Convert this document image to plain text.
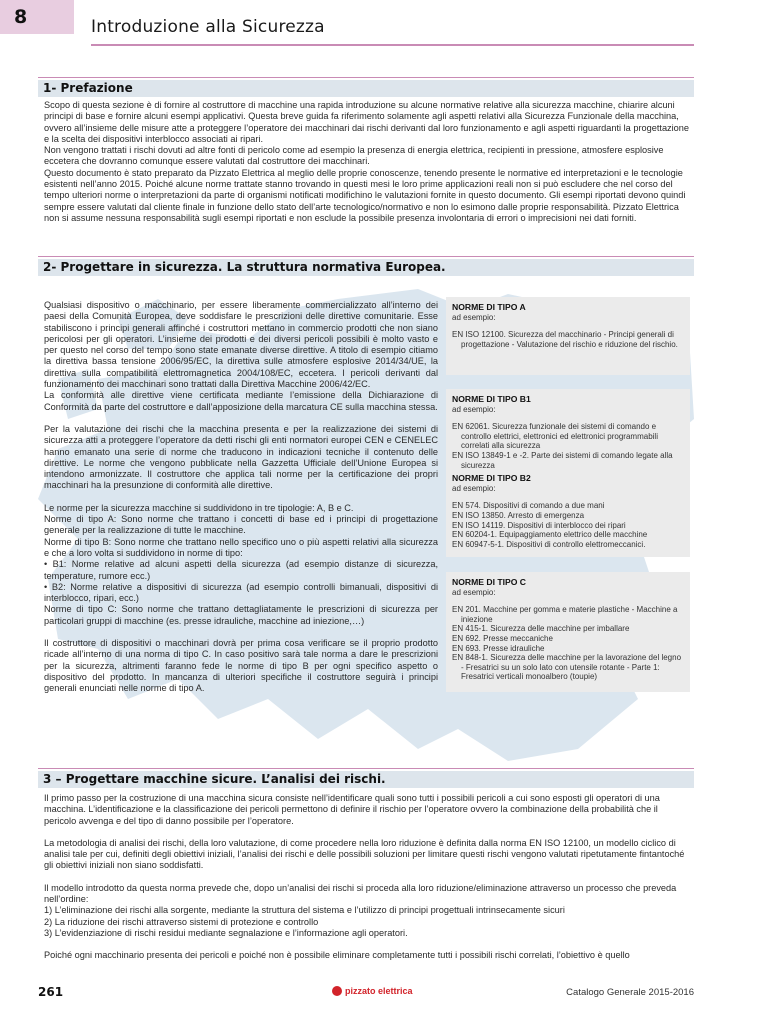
8	Introduzione alla Sicurezza
1- Prefazione

Scopo di questa sezione è di fornire al costruttore di macchine una rapida introduzione su alcune normative relative alla sicurezza macchine, chiarire alcuni principi di base e fornire alcuni esempi applicativi. Questa breve guida fa riferimento solamente agli aspetti relativi alla Sicurezza Funzionale della macchina, ovvero all’insieme delle misure atte a proteggere l’operatore dei macchinari dai rischi derivanti dal loro funzionamento e agli aspetti riguardanti la progettazione e la scelta dei dispositivi interblocco associati ai ripari.

Non vengono trattati i rischi dovuti ad altre fonti di pericolo come ad esempio la presenza di energia elettrica, recipienti in pressione, atmosfere esplosive eccetera che dovranno comunque essere valutati dal costruttore dei macchinari.

Questo documento è stato preparato da Pizzato Elettrica al meglio delle proprie conoscenze, tenendo presente le normative ed interpretazioni e le tecnologie esistenti nell’anno 2015. Poiché alcune norme trattate stanno trovando in questi mesi le loro prime applicazioni reali non si può escludere che nel corso del tempo ulteriori norme o interpretazioni da parte di organismi notificati modifichino le valutazioni fornite in questo documento. Gli esempi riportati devono quindi sempre essere valutati dal cliente finale in funzione dello stato dell’arte tecnologico/normativo e non lo esimono dalle proprie responsabilità. Pizzato Elettrica non si assume nessuna responsabilità sugli esempi riportati e non esclude la possibile presenza involontaria di errori o imprecisioni nei dati forniti.

2- Progettare in sicurezza. La struttura normativa Europea.

Qualsiasi dispositivo o macchinario, per essere liberamente commercializzato all’interno dei paesi della Comunità Europea, deve soddisfare le prescrizioni delle direttive comunitarie. Esse stabiliscono i principi generali affinché i costruttori mettano in commercio prodotti che non siano pericolosi per gli operatori. L’insieme dei prodotti e dei diversi pericoli possibili è molto vasto e per questo nel corso del tempo sono state emanate diverse direttive. A titolo di esempio citiamo la direttiva bassa tensione 2006/95/EC, la direttiva sulle atmosfere esplosive 2014/34/UE, la direttiva sulla compatibilità elettromagnetica 2004/108/EC, eccetera. I pericoli derivanti dal funzionamento dei macchinari sono trattati dalla Direttiva Macchine 2006/42/EC.

La conformità alle direttive viene certificata mediante l’emissione della Dichiarazione di Conformità da parte del costruttore e dall’apposizione della marcatura CE sulla macchina stessa.

Per la valutazione dei rischi che la macchina presenta e per la realizzazione dei sistemi di sicurezza atti a proteggere l’operatore da detti rischi gli enti normatori europei CEN e CENELEC hanno emanato una serie di norme che traducono in indicazioni tecniche il contenuto delle direttive. Le norme che vengono pubblicate nella Gazzetta Ufficiale dell’Unione Europea si intendono armonizzate. Il costruttore che applica tali norme per la certificazione dei propri macchinari ha la presunzione di conformità alle direttive.

Le norme per la sicurezza macchine si suddividono in tre tipologie: A, B e C.

Norme di tipo A: Sono norme che trattano i concetti di base ed i principi di progettazione generale per la realizzazione di tutte le macchine.

Norme di tipo B: Sono norme che trattano nello specifico uno o più aspetti relativi alla sicurezza e che a loro volta si suddividono in norme di tipo:

• B1: Norme relative ad alcuni aspetti della sicurezza (ad esempio distanze di sicurezza, temperature, rumore ecc.)

• B2: Norme relative a dispositivi di sicurezza (ad esempio controlli bimanuali, dispositivi di interblocco, ripari, ecc.)

Norme di tipo C: Sono norme che trattano dettagliatamente le prescrizioni di sicurezza per particolari gruppi di macchine (es. presse idrauliche, macchine ad iniezione,…)

Il costruttore di dispositivi o macchinari dovrà per prima cosa verificare se il proprio prodotto ricade all’interno di una norma di tipo C. In caso positivo sarà tale norma a dare le prescrizioni per la sicurezza, altrimenti faranno fede le norme di tipo B per ogni specifico aspetto o dispositivo del prodotto. In mancanza di ulteriori specifiche il costruttore seguirà i principi generali enunciati nelle norme di tipo A.

NORME DI TIPO A
ad esempio:
EN ISO 12100. Sicurezza del macchinario - Principi generali di progettazione - Valutazione del rischio e riduzione del rischio.
NORME DI TIPO B1
ad esempio:
EN 62061. Sicurezza funzionale dei sistemi di comando e controllo elettrici, elettronici ed elettronici programmabili correlati alla sicurezza
EN ISO 13849-1 e -2. Parte dei sistemi di comando legate alla sicurezza
NORME DI TIPO B2
ad esempio:
EN 574. Dispositivi di comando a due mani
EN ISO 13850. Arresto di emergenza
EN ISO 14119. Dispositivi di interblocco dei ripari
EN 60204-1. Equipaggiamento elettrico delle macchine
EN 60947-5-1. Dispositivi di controllo elettromeccanici.
NORME DI TIPO C
ad esempio:
EN 201. Macchine per gomma e materie plastiche - Macchine a iniezione
EN 415-1. Sicurezza delle macchine per imballare
EN 692. Presse meccaniche
EN 693. Presse idrauliche
EN 848-1. Sicurezza delle macchine per la lavorazione del legno - Fresatrici su un solo lato con utensile rotante - Parte 1: Fresatrici verticali monoalbero (toupie)
3 – Progettare macchine sicure. L’analisi dei rischi.

Il primo passo per la costruzione di una macchina sicura consiste nell’identificare quali sono tutti i possibili pericoli a cui sono esposti gli operatori di una macchina. L’identificazione e la classificazione dei pericoli permettono di definire il rischio per l’operatore ovvero la combinazione della probabilità che il pericolo avvenga e del tipo di danno possibile per l’operatore.

La metodologia di analisi dei rischi, della loro valutazione, di come procedere nella loro riduzione è definita dalla norma EN ISO 12100, un modello ciclico di analisi tale per cui, definiti degli obiettivi iniziali, l’analisi dei rischi e delle possibili soluzioni per limitare questi rischi vengono valutati ripetutamente fintantoché gli obiettivi iniziali non siano soddisfatti.

Il modello introdotto da questa norma prevede che, dopo un’analisi dei rischi si proceda alla loro riduzione/eliminazione attraverso un processo che preveda nell’ordine:

1) L’eliminazione dei rischi alla sorgente, mediante la struttura del sistema e l’utilizzo di principi progettuali intrinsecamente sicuri

2) La riduzione dei rischi attraverso sistemi di protezione e controllo

3) L’evidenziazione di rischi residui mediante segnalazione e l’informazione agli operatori.

Poiché ogni macchinario presenta dei pericoli e poiché non è possibile eliminare completamente tutti i possibili rischi correlati, l’obiettivo è quello

261	pizzato elettrica	Catalogo Generale 2015-2016
